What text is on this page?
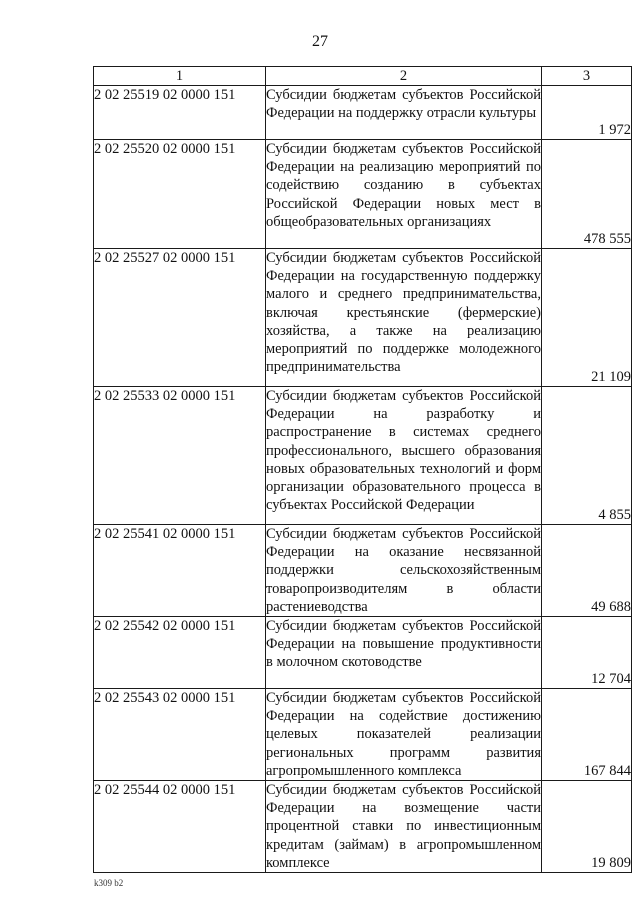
27
1	2	3
2 02 25519 02 0000 151	Субсидии бюджетам субъектов Российской Федерации на поддержку отрасли культуры	1 972
2 02 25520 02 0000 151	Субсидии бюджетам субъектов Российской Федерации на реализацию мероприятий по содействию созданию в субъектах Российской Федерации новых мест в общеобразовательных организациях	478 555
2 02 25527 02 0000 151	Субсидии бюджетам субъектов Российской Федерации на государственную поддержку малого и среднего предпринимательства, включая крестьянские (фермерские) хозяйства, а также на реализацию мероприятий по поддержке молодежного предпринимательства	21 109
2 02 25533 02 0000 151	Субсидии бюджетам субъектов Российской Федерации на разработку и распространение в системах среднего профессионального, высшего образования новых образовательных технологий и форм организации образовательного процесса в субъектах Российской Федерации	4 855
2 02 25541 02 0000 151	Субсидии бюджетам субъектов Российской Федерации на оказание несвязанной поддержки сельскохозяйственным товаропроизводителям в области растениеводства	49 688
2 02 25542 02 0000 151	Субсидии бюджетам субъектов Российской Федерации на повышение продуктивности в молочном скотоводстве	12 704
2 02 25543 02 0000 151	Субсидии бюджетам субъектов Российской Федерации на содействие достижению целевых показателей реализации региональных программ развития агропромышленного комплекса	167 844
2 02 25544 02 0000 151	Субсидии бюджетам субъектов Российской Федерации на возмещение части процентной ставки по инвестиционным кредитам (займам) в агропромышленном комплексе	19 809
k309 b2
